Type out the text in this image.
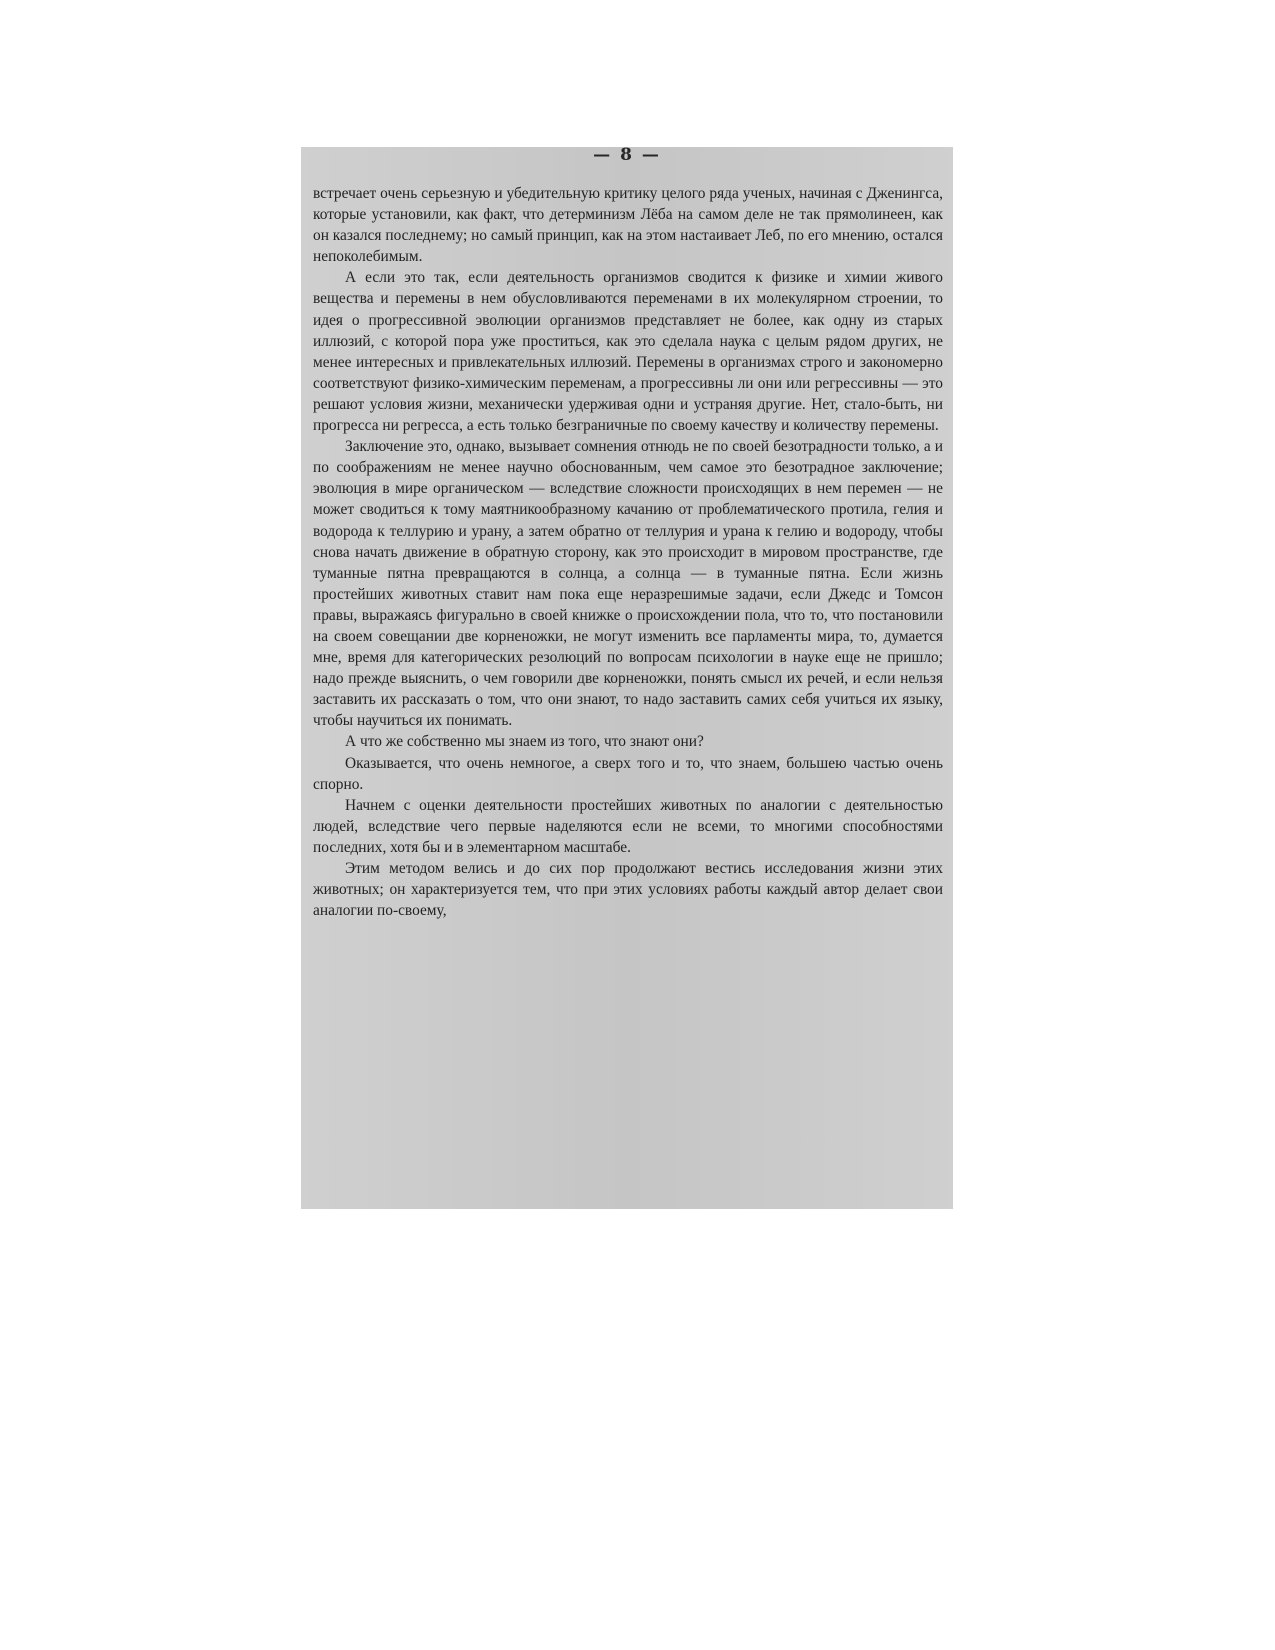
— 8 —

встречает очень серьезную и убедительную критику целого ряда ученых, начиная с Дженингса, которые установили, как факт, что детерминизм Лёба на самом деле не так прямолинеен, как он казался последнему; но самый принцип, как на этом настаивает Леб, по его мнению, остался непоколебимым.

А если это так, если деятельность организмов сводится к физике и химии живого вещества и перемены в нем обусловливаются переменами в их молекулярном строении, то идея о прогрессивной эволюции организмов представляет не более, как одну из старых иллюзий, с которой пора уже проститься, как это сделала наука с целым рядом других, не менее интересных и привлекательных иллюзий. Перемены в организмах строго и закономерно соответствуют физико-химическим переменам, а прогрессивны ли они или регрессивны — это решают условия жизни, механически удерживая одни и устраняя другие. Нет, стало-быть, ни прогресса ни регресса, а есть только безграничные по своему качеству и количеству перемены.

Заключение это, однако, вызывает сомнения отнюдь не по своей безотрадности только, а и по соображениям не менее научно обоснованным, чем самое это безотрадное заключение; эволюция в мире органическом — вследствие сложности происходящих в нем перемен — не может сводиться к тому маятникообразному качанию от проблематического протила, гелия и водорода к теллурию и урану, а затем обратно от теллурия и урана к гелию и водороду, чтобы снова начать движение в обратную сторону, как это происходит в мировом пространстве, где туманные пятна превращаются в солнца, а солнца — в туманные пятна. Если жизнь простейших животных ставит нам пока еще неразрешимые задачи, если Джедс и Томсон правы, выражаясь фигурально в своей книжке о происхождении пола, что то, что постановили на своем совещании две корненожки, не могут изменить все парламенты мира, то, думается мне, время для категорических резолюций по вопросам психологии в науке еще не пришло; надо прежде выяснить, о чем говорили две корненожки, понять смысл их речей, и если нельзя заставить их рассказать о том, что они знают, то надо заставить самих себя учиться их языку, чтобы научиться их понимать.

А что же собственно мы знаем из того, что знают они?

Оказывается, что очень немногое, а сверх того и то, что знаем, большею частью очень спорно.

Начнем с оценки деятельности простейших животных по аналогии с деятельностью людей, вследствие чего первые наделяются если не всеми, то многими способностями последних, хотя бы и в элементарном масштабе.

Этим методом велись и до сих пор продолжают вестись исследования жизни этих животных; он характеризуется тем, что при этих условиях работы каждый автор делает свои аналогии по-своему,
